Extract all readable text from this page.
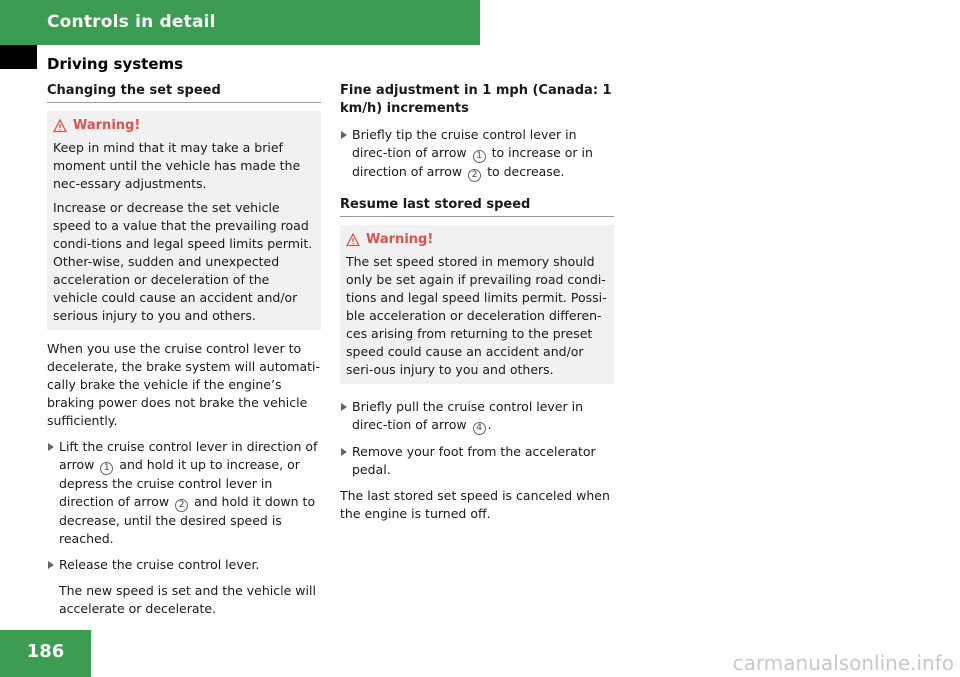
Controls in detail
Driving systems
Changing the set speed
Warning!

Keep in mind that it may take a brief moment until the vehicle has made the nec-essary adjustments.

Increase or decrease the set vehicle speed to a value that the prevailing road condi-tions and legal speed limits permit. Other-wise, sudden and unexpected acceleration or deceleration of the vehicle could cause an accident and/or serious injury to you and others.

When you use the cruise control lever to decelerate, the brake system will automati-cally brake the vehicle if the engine’s braking power does not brake the vehicle sufficiently.
Lift the cruise control lever in direction of arrow 1 and hold it up to increase, or depress the cruise control lever in direction of arrow 2 and hold it down to decrease, until the desired speed is reached.
Release the cruise control lever.
The new speed is set and the vehicle will accelerate or decelerate.
Fine adjustment in 1 mph (Canada: 1 km/h) increments
Briefly tip the cruise control lever in direc-tion of arrow 1 to increase or in direction of arrow 2 to decrease.
Resume last stored speed
Warning!

The set speed stored in memory should only be set again if prevailing road condi-tions and legal speed limits permit. Possi-ble acceleration or deceleration differen-ces arising from returning to the preset speed could cause an accident and/or seri-ous injury to you and others.

Briefly pull the cruise control lever in direc-tion of arrow 4 .
Remove your foot from the accelerator pedal.
The last stored set speed is canceled when the engine is turned off.
186	carmanualsonline.info
